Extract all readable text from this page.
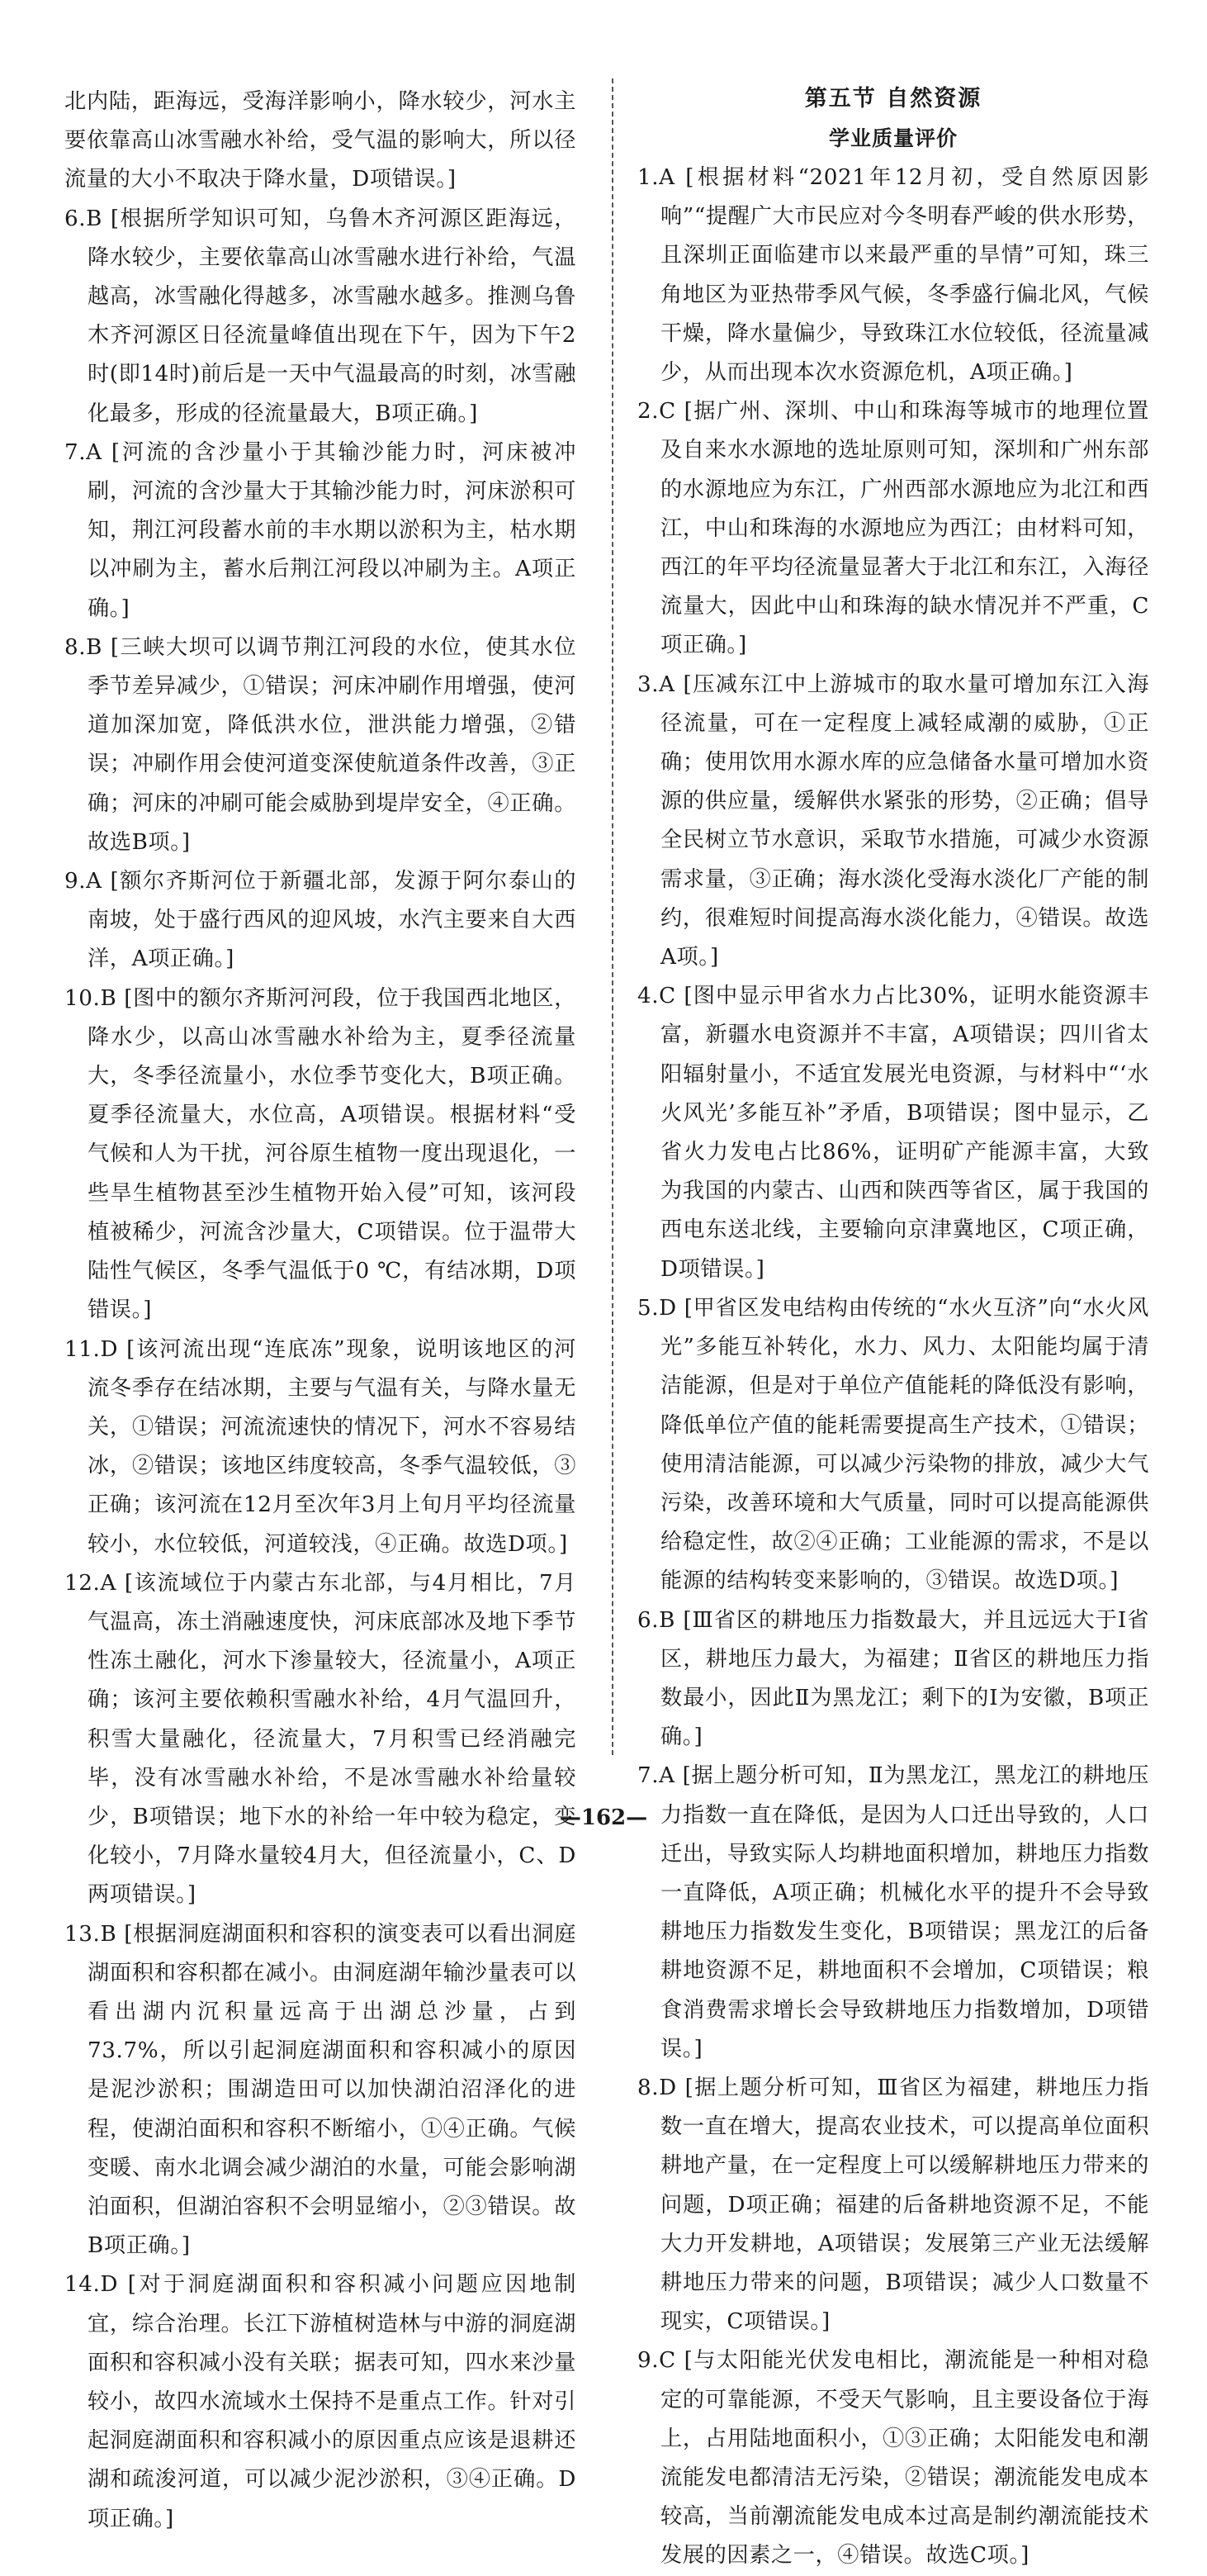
北内陆，距海远，受海洋影响小，降水较少，河水主要依靠高山冰雪融水补给，受气温的影响大，所以径流量的大小不取决于降水量，D项错误。]

6.B [根据所学知识可知，乌鲁木齐河源区距海远，降水较少，主要依靠高山冰雪融水进行补给，气温越高，冰雪融化得越多，冰雪融水越多。推测乌鲁木齐河源区日径流量峰值出现在下午，因为下午2时(即14时)前后是一天中气温最高的时刻，冰雪融化最多，形成的径流量最大，B项正确。]

7.A [河流的含沙量小于其输沙能力时，河床被冲刷，河流的含沙量大于其输沙能力时，河床淤积可知，荆江河段蓄水前的丰水期以淤积为主，枯水期以冲刷为主，蓄水后荆江河段以冲刷为主。A项正确。]

8.B [三峡大坝可以调节荆江河段的水位，使其水位季节差异减少，①错误；河床冲刷作用增强，使河道加深加宽，降低洪水位，泄洪能力增强，②错误；冲刷作用会使河道变深使航道条件改善，③正确；河床的冲刷可能会威胁到堤岸安全，④正确。故选B项。]

9.A [额尔齐斯河位于新疆北部，发源于阿尔泰山的南坡，处于盛行西风的迎风坡，水汽主要来自大西洋，A项正确。]

10.B [图中的额尔齐斯河河段，位于我国西北地区，降水少，以高山冰雪融水补给为主，夏季径流量大，冬季径流量小，水位季节变化大，B项正确。夏季径流量大，水位高，A项错误。根据材料“受气候和人为干扰，河谷原生植物一度出现退化，一些旱生植物甚至沙生植物开始入侵”可知，该河段植被稀少，河流含沙量大，C项错误。位于温带大陆性气候区，冬季气温低于0 ℃，有结冰期，D项错误。]

11.D [该河流出现“连底冻”现象，说明该地区的河流冬季存在结冰期，主要与气温有关，与降水量无关，①错误；河流流速快的情况下，河水不容易结冰，②错误；该地区纬度较高，冬季气温较低，③正确；该河流在12月至次年3月上旬月平均径流量较小，水位较低，河道较浅，④正确。故选D项。]

12.A [该流域位于内蒙古东北部，与4月相比，7月气温高，冻土消融速度快，河床底部冰及地下季节性冻土融化，河水下渗量较大，径流量小，A项正确；该河主要依赖积雪融水补给，4月气温回升，积雪大量融化，径流量大，7月积雪已经消融完毕，没有冰雪融水补给，不是冰雪融水补给量较少，B项错误；地下水的补给一年中较为稳定，变化较小，7月降水量较4月大，但径流量小，C、D两项错误。]

13.B [根据洞庭湖面积和容积的演变表可以看出洞庭湖面积和容积都在减小。由洞庭湖年输沙量表可以看出湖内沉积量远高于出湖总沙量，占到73.7%，所以引起洞庭湖面积和容积减小的原因是泥沙淤积；围湖造田可以加快湖泊沼泽化的进程，使湖泊面积和容积不断缩小，①④正确。气候变暖、南水北调会减少湖泊的水量，可能会影响湖泊面积，但湖泊容积不会明显缩小，②③错误。故B项正确。]

14.D [对于洞庭湖面积和容积减小问题应因地制宜，综合治理。长江下游植树造林与中游的洞庭湖面积和容积减小没有关联；据表可知，四水来沙量较小，故四水流域水土保持不是重点工作。针对引起洞庭湖面积和容积减小的原因重点应该是退耕还湖和疏浚河道，可以减少泥沙淤积，③④正确。D项正确。]

第五节 自然资源

学业质量评价

1.A [根据材料“2021年12月初，受自然原因影响”“提醒广大市民应对今冬明春严峻的供水形势，且深圳正面临建市以来最严重的旱情”可知，珠三角地区为亚热带季风气候，冬季盛行偏北风，气候干燥，降水量偏少，导致珠江水位较低，径流量减少，从而出现本次水资源危机，A项正确。]

2.C [据广州、深圳、中山和珠海等城市的地理位置及自来水水源地的选址原则可知，深圳和广州东部的水源地应为东江，广州西部水源地应为北江和西江，中山和珠海的水源地应为西江；由材料可知，西江的年平均径流量显著大于北江和东江，入海径流量大，因此中山和珠海的缺水情况并不严重，C项正确。]

3.A [压减东江中上游城市的取水量可增加东江入海径流量，可在一定程度上减轻咸潮的威胁，①正确；使用饮用水源水库的应急储备水量可增加水资源的供应量，缓解供水紧张的形势，②正确；倡导全民树立节水意识，采取节水措施，可减少水资源需求量，③正确；海水淡化受海水淡化厂产能的制约，很难短时间提高海水淡化能力，④错误。故选A项。]

4.C [图中显示甲省水力占比30%，证明水能资源丰富，新疆水电资源并不丰富，A项错误；四川省太阳辐射量小，不适宜发展光电资源，与材料中“‘水火风光’多能互补”矛盾，B项错误；图中显示，乙省火力发电占比86%，证明矿产能源丰富，大致为我国的内蒙古、山西和陕西等省区，属于我国的西电东送北线，主要输向京津冀地区，C项正确，D项错误。]

5.D [甲省区发电结构由传统的“水火互济”向“水火风光”多能互补转化，水力、风力、太阳能均属于清洁能源，但是对于单位产值能耗的降低没有影响，降低单位产值的能耗需要提高生产技术，①错误；使用清洁能源，可以减少污染物的排放，减少大气污染，改善环境和大气质量，同时可以提高能源供给稳定性，故②④正确；工业能源的需求，不是以能源的结构转变来影响的，③错误。故选D项。]

6.B [Ⅲ省区的耕地压力指数最大，并且远远大于Ⅰ省区，耕地压力最大，为福建；Ⅱ省区的耕地压力指数最小，因此Ⅱ为黑龙江；剩下的Ⅰ为安徽，B项正确。]

7.A [据上题分析可知，Ⅱ为黑龙江，黑龙江的耕地压力指数一直在降低，是因为人口迁出导致的，人口迁出，导致实际人均耕地面积增加，耕地压力指数一直降低，A项正确；机械化水平的提升不会导致耕地压力指数发生变化，B项错误；黑龙江的后备耕地资源不足，耕地面积不会增加，C项错误；粮食消费需求增长会导致耕地压力指数增加，D项错误。]

8.D [据上题分析可知，Ⅲ省区为福建，耕地压力指数一直在增大，提高农业技术，可以提高单位面积耕地产量，在一定程度上可以缓解耕地压力带来的问题，D项正确；福建的后备耕地资源不足，不能大力开发耕地，A项错误；发展第三产业无法缓解耕地压力带来的问题，B项错误；减少人口数量不现实，C项错误。]

9.C [与太阳能光伏发电相比，潮流能是一种相对稳定的可靠能源，不受天气影响，且主要设备位于海上，占用陆地面积小，①③正确；太阳能发电和潮流能发电都清洁无污染，②错误；潮流能发电成本较高，当前潮流能发电成本过高是制约潮流能技术发展的因素之一，④错误。故选C项。]

—162—
